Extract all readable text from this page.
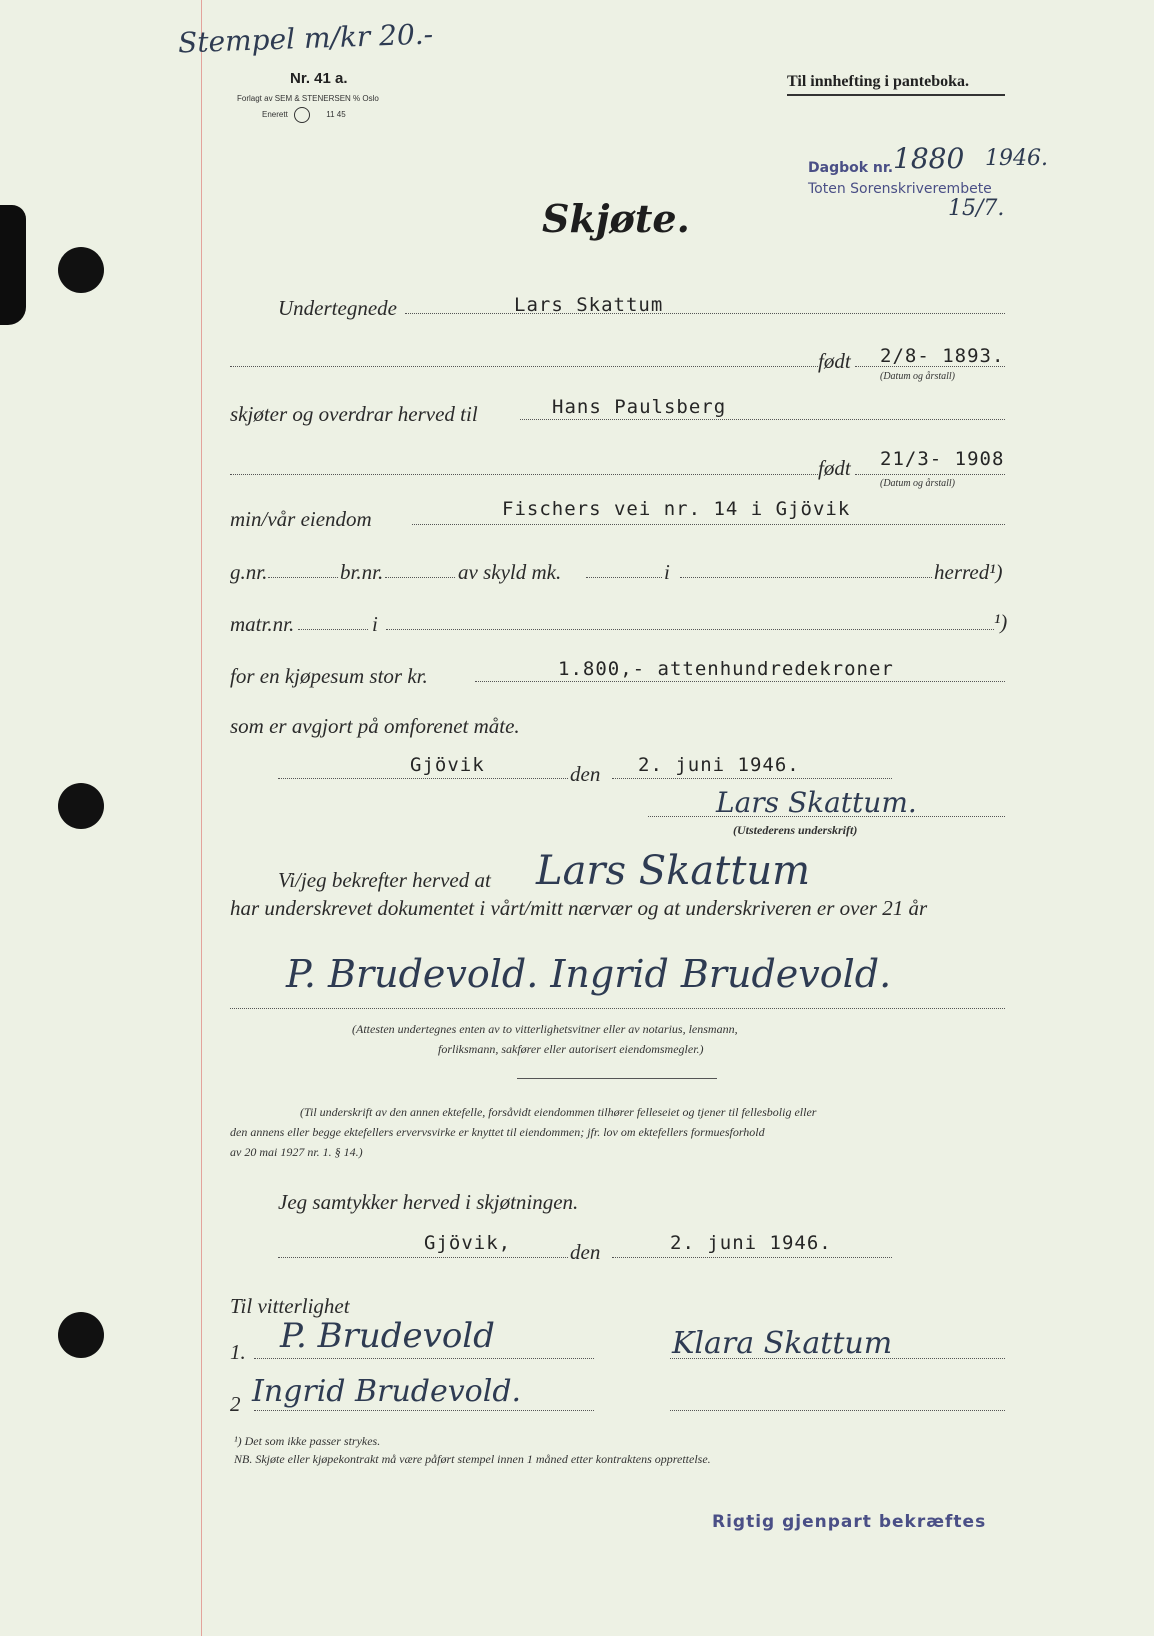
Stempel m/kr 20.-
Nr. 41 a.
Forlagt av SEM & STENERSEN % Oslo
Enerett	11 45
Til innhefting i panteboka.
Dagbok nr. 1880 1946.
Toten Sorenskriverembete
15/7.
Skjøte.
Undertegnede	Lars Skattum
født 2/8- 1893.
(Datum og årstall)
skjøter og overdrar herved til	Hans Paulsberg
født 21/3- 1908
(Datum og årstall)
min/vår eiendom	Fischers vei nr. 14 i Gjövik
g.nr.	br.nr.	av skyld mk.	i	herred¹)
matr.nr.	i	¹)
for en kjøpesum stor kr.	1.800,- attenhundredekroner
som er avgjort på omforenet måte.
Gjövik	den 2. juni 1946.
Lars Skattum.
(Utstederens underskrift)
Vi/jeg bekrefter herved at Lars Skattum
har underskrevet dokumentet i vårt/mitt nærvær og at underskriveren er over 21 år
P. Brudevold. Ingrid Brudevold.
(Attesten undertegnes enten av to vitterlighetsvitner eller av notarius, lensmann,
forliksmann, sakfører eller autorisert eiendomsmegler.)
(Til underskrift av den annen ektefelle, forsåvidt eiendommen tilhører felleseiet og tjener til fellesbolig eller
den annens eller begge ektefellers ervervsvirke er knyttet til eiendommen; jfr. lov om ektefellers formuesforhold
av 20 mai 1927 nr. 1. § 14.)
Jeg samtykker herved i skjøtningen.
Gjövik,	den	2. juni 1946.
Til vitterlighet
1. P. Brudevold	Klara Skattum
2 Ingrid Brudevold.
¹) Det som ikke passer strykes.
NB. Skjøte eller kjøpekontrakt må være påført stempel innen 1 måned etter kontraktens opprettelse.
Rigtig gjenpart bekræftes
